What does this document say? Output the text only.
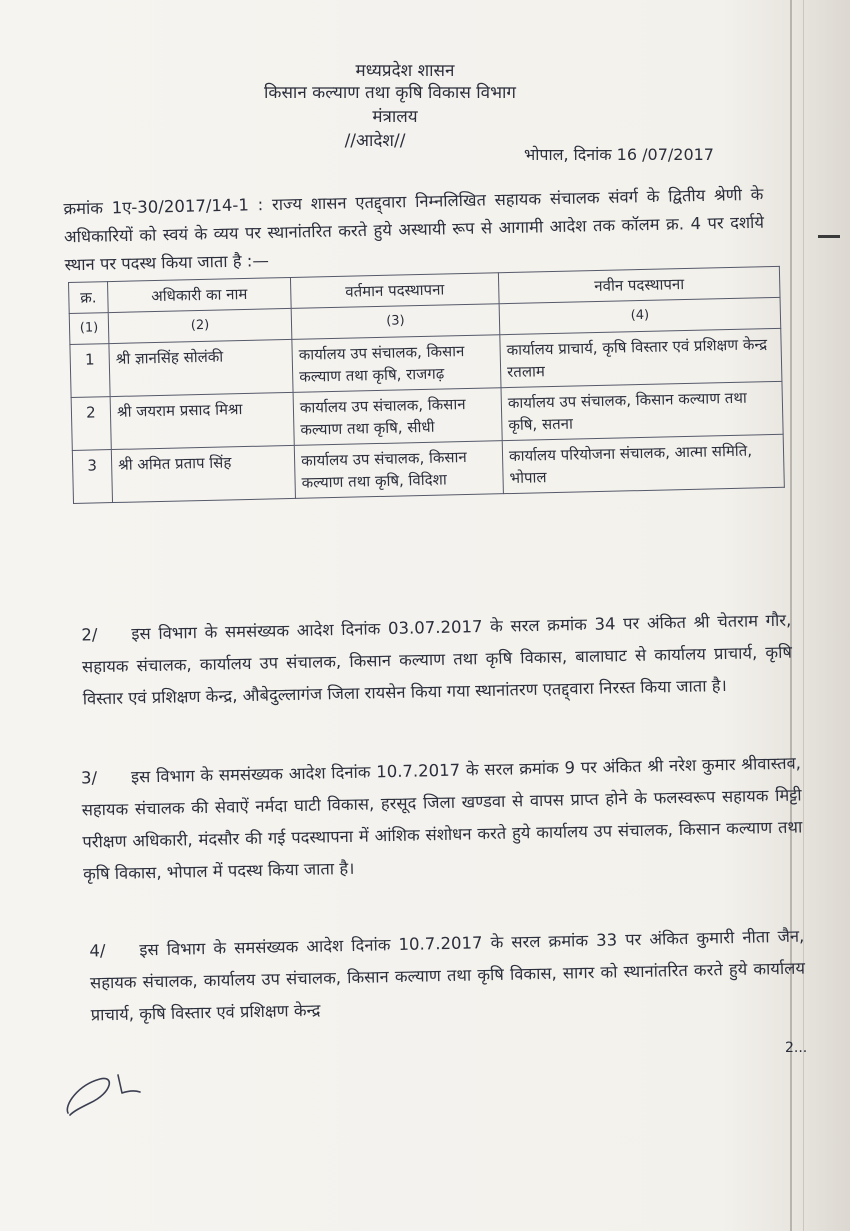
मध्यप्रदेश शासन
किसान कल्याण तथा कृषि विकास विभाग
मंत्रालय
//आदेश//
भोपाल, दिनांक 16 /07/2017
क्रमांक 1ए-30/2017/14-1 : राज्य शासन एतद्द्वारा निम्नलिखित सहायक संचालक संवर्ग के द्वितीय श्रेणी के अधिकारियों को स्वयं के व्यय पर स्थानांतरित करते हुये अस्थायी रूप से आगामी आदेश तक कॉलम क्र. 4 पर दर्शाये स्थान पर पदस्थ किया जाता है :—
क्र.	अधिकारी का नाम	वर्तमान पदस्थापना	नवीन पदस्थापना
(1)	(2)	(3)	(4)
1	श्री ज्ञानसिंह सोलंकी	कार्यालय उप संचालक, किसान कल्याण तथा कृषि, राजगढ़	कार्यालय प्राचार्य, कृषि विस्तार एवं प्रशिक्षण केन्द्र रतलाम
2	श्री जयराम प्रसाद मिश्रा	कार्यालय उप संचालक, किसान कल्याण तथा कृषि, सीधी	कार्यालय उप संचालक, किसान कल्याण तथा कृषि, सतना
3	श्री अमित प्रताप सिंह	कार्यालय उप संचालक, किसान कल्याण तथा कृषि, विदिशा	कार्यालय परियोजना संचालक, आत्मा समिति, भोपाल
2/ इस विभाग के समसंख्यक आदेश दिनांक 03.07.2017 के सरल क्रमांक 34 पर अंकित श्री चेतराम गौर, सहायक संचालक, कार्यालय उप संचालक, किसान कल्याण तथा कृषि विकास, बालाघाट से कार्यालय प्राचार्य, कृषि विस्तार एवं प्रशिक्षण केन्द्र, औबेदुल्लागंज जिला रायसेन किया गया स्थानांतरण एतद्द्वारा निरस्त किया जाता है।
3/ इस विभाग के समसंख्यक आदेश दिनांक 10.7.2017 के सरल क्रमांक 9 पर अंकित श्री नरेश कुमार श्रीवास्तव, सहायक संचालक की सेवाऐं नर्मदा घाटी विकास, हरसूद जिला खण्डवा से वापस प्राप्त होने के फलस्वरूप सहायक मिट्टी परीक्षण अधिकारी, मंदसौर की गई पदस्थापना में आंशिक संशोधन करते हुये कार्यालय उप संचालक, किसान कल्याण तथा कृषि विकास, भोपाल में पदस्थ किया जाता है।
4/ इस विभाग के समसंख्यक आदेश दिनांक 10.7.2017 के सरल क्रमांक 33 पर अंकित कुमारी नीता जैन, सहायक संचालक, कार्यालय उप संचालक, किसान कल्याण तथा कृषि विकास, सागर को स्थानांतरित करते हुये कार्यालय प्राचार्य, कृषि विस्तार एवं प्रशिक्षण केन्द्र
2...
